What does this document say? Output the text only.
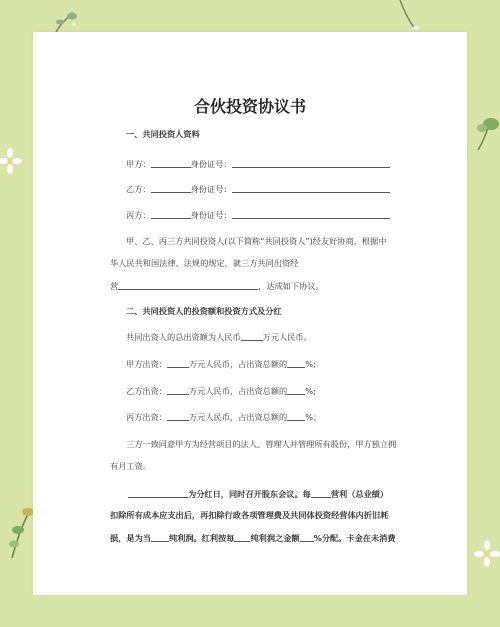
合伙投资协议书
一、共同投资人资料
甲方：	身份证号：
乙方：	身份证号：
丙方：	身份证号：
甲、乙、丙三方共同投资人(以下简称“共同投资人”)经友好协商，根据中
华人民共和国法律、法规的规定，就三方共同出资经
营	，达成如下协议。
二、共同投资人的投资额和投资方式及分红
共同出资人的总出资额为人民币	万元人民币。
甲方出资：	万元人民币，占出资总额的 %;
乙方出资：	万元人民币，占出资总额的 %;
丙方出资：	万元人民币，占出资总额的 %；
三方一致同意甲方为经营项目的法人、管理人并管理所有股份，甲方独立拥
有月工资。
为分红日，同时召开股东会议。每 营利（总业绩）
扣除所有成本应支出后，再扣除行政各项管理费及共同体投资经营体内折旧耗
损，是为当 纯利润。红利按每 纯利润之金额 %分配。卡金在未消费
